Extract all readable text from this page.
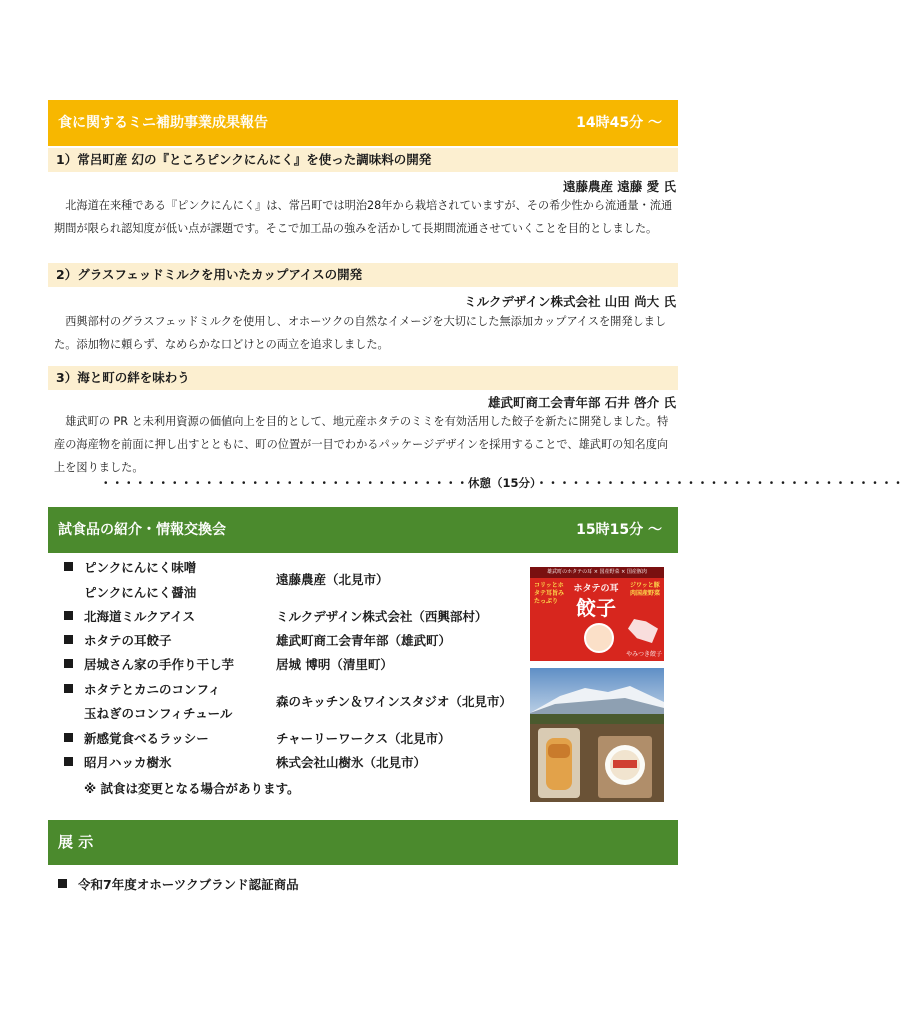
食に関するミニ補助事業成果報告	14時45分 ～
1）常呂町産 幻の『ところピンクにんにく』を使った調味料の開発
遠藤農産 遠藤 愛 氏
北海道在来種である『ピンクにんにく』は、常呂町では明治28年から栽培されていますが、その希少性から流通量・流通期間が限られ認知度が低い点が課題です。そこで加工品の強みを活かして長期間流通させていくことを目的としました。
2）グラスフェッドミルクを用いたカップアイスの開発
ミルクデザイン株式会社 山田 尚大 氏
西興部村のグラスフェッドミルクを使用し、オホーツクの自然なイメージを大切にした無添加カップアイスを開発しました。添加物に頼らず、なめらかな口どけとの両立を追求しました。
3）海と町の絆を味わう
雄武町商工会青年部 石井 啓介 氏
雄武町の PR と未利用資源の価値向上を目的として、地元産ホタテのミミを有効活用した餃子を新たに開発しました。特産の海産物を前面に押し出すとともに、町の位置が一目でわかるパッケージデザインを採用することで、雄武町の知名度向上を図りました。
・・・・・・・・・・・・・・・・・・・・・・・・・・・・・・・・休憩（15分）・・・・・・・・・・・・・・・・・・・・・・・・・・・・・・・・
試食品の紹介・情報交換会	15時15分 ～
ピンクにんにく味噌
ピンクにんにく醤油
北海道ミルクアイス
ホタテの耳餃子
居城さん家の手作り干し芋
ホタテとカニのコンフィ
玉ねぎのコンフィチュール
新感覚食べるラッシー
昭月ハッカ樹氷
遠藤農産（北見市）
ミルクデザイン株式会社（西興部村）
雄武町商工会青年部（雄武町）
居城 博明（清里町）
森のキッチン＆ワインスタジオ（北見市）
チャーリーワークス（北見市）
株式会社山樹氷（北見市）
※ 試食は変更となる場合があります。
雄武町のホタテの耳 × 国産野菜 × 国産豚肉
コリッとホタテ耳旨みたっぷり
ホタテの耳
餃子
ジワッと豚肉国産野菜
やみつき餃子
展 示
令和7年度オホーツクブランド認証商品
